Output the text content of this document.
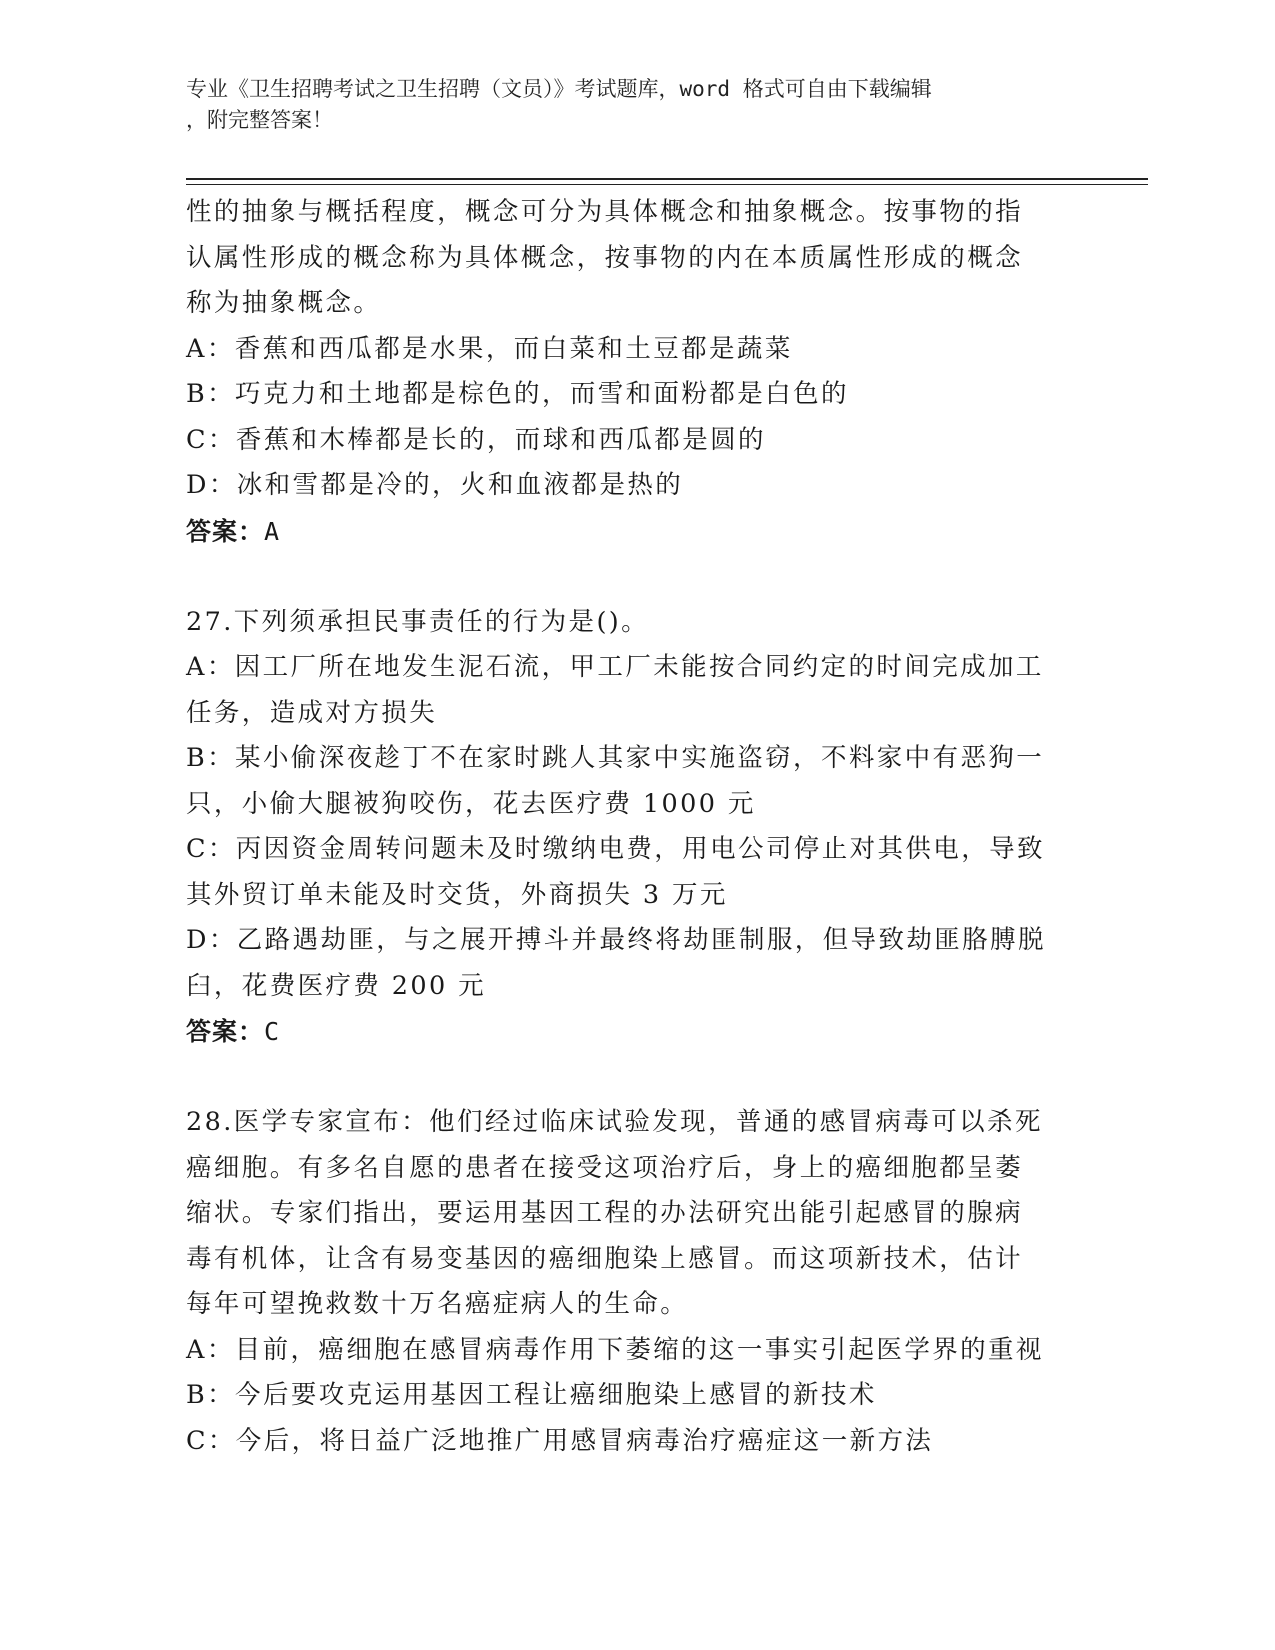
专业《卫生招聘考试之卫生招聘（文员）》考试题库，word 格式可自由下载编辑
，附完整答案！

性的抽象与概括程度，概念可分为具体概念和抽象概念。按事物的指

认属性形成的概念称为具体概念，按事物的内在本质属性形成的概念

称为抽象概念。

A：香蕉和西瓜都是水果，而白菜和土豆都是蔬菜

B：巧克力和土地都是棕色的，而雪和面粉都是白色的

C：香蕉和木棒都是长的，而球和西瓜都是圆的

D：冰和雪都是冷的，火和血液都是热的

答案：A

27.下列须承担民事责任的行为是()。

A：因工厂所在地发生泥石流，甲工厂未能按合同约定的时间完成加工

任务，造成对方损失

B：某小偷深夜趁丁不在家时跳人其家中实施盗窃，不料家中有恶狗一

只，小偷大腿被狗咬伤，花去医疗费 1000 元

C：丙因资金周转问题未及时缴纳电费，用电公司停止对其供电，导致

其外贸订单未能及时交货，外商损失 3 万元

D：乙路遇劫匪，与之展开搏斗并最终将劫匪制服，但导致劫匪胳膊脱

臼，花费医疗费 200 元

答案：C

28.医学专家宣布：他们经过临床试验发现，普通的感冒病毒可以杀死

癌细胞。有多名自愿的患者在接受这项治疗后，身上的癌细胞都呈萎

缩状。专家们指出，要运用基因工程的办法研究出能引起感冒的腺病

毒有机体，让含有易变基因的癌细胞染上感冒。而这项新技术，估计

每年可望挽救数十万名癌症病人的生命。

A：目前，癌细胞在感冒病毒作用下萎缩的这一事实引起医学界的重视

B：今后要攻克运用基因工程让癌细胞染上感冒的新技术

C：今后，将日益广泛地推广用感冒病毒治疗癌症这一新方法
